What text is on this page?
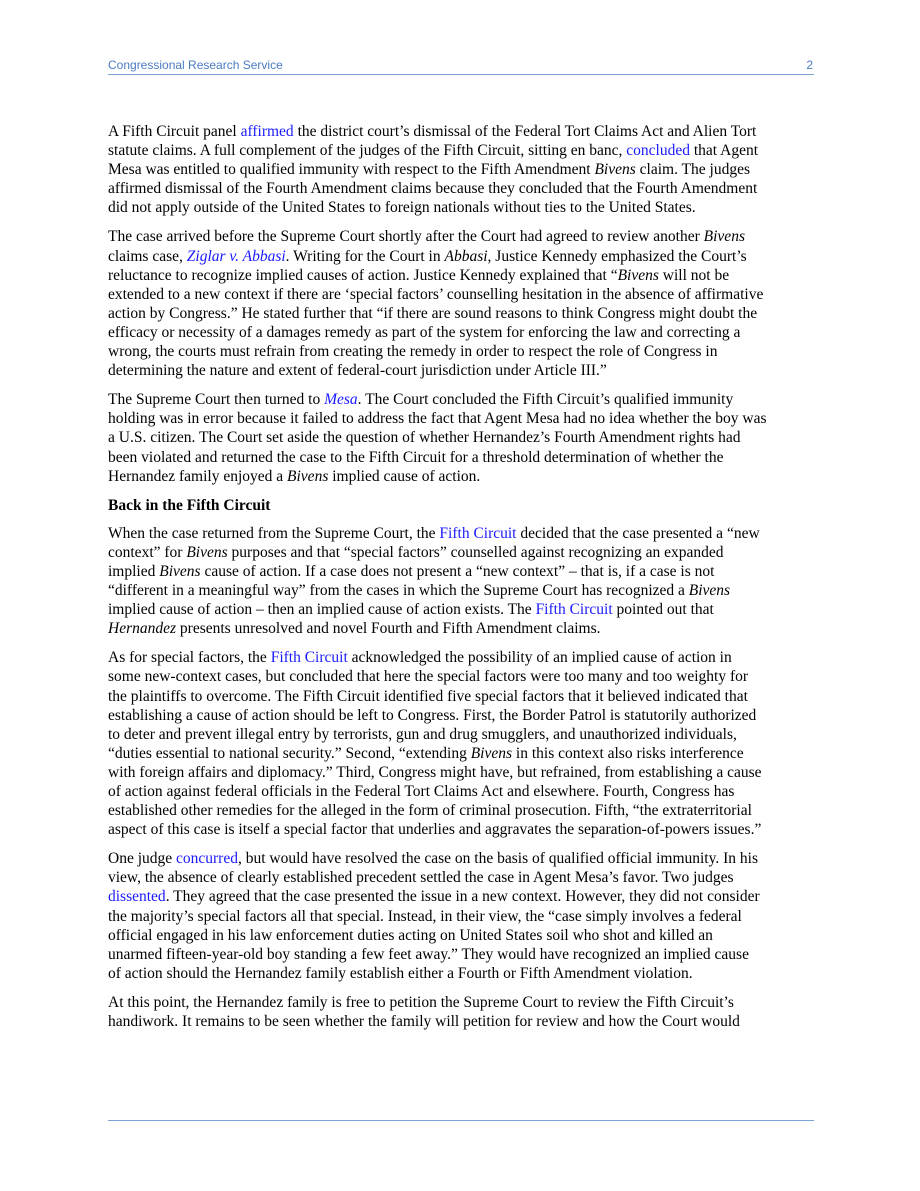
Congressional Research Service	2

A Fifth Circuit panel affirmed the district court’s dismissal of the Federal Tort Claims Act and Alien Tort
statute claims. A full complement of the judges of the Fifth Circuit, sitting en banc, concluded that Agent
Mesa was entitled to qualified immunity with respect to the Fifth Amendment Bivens claim. The judges
affirmed dismissal of the Fourth Amendment claims because they concluded that the Fourth Amendment
did not apply outside of the United States to foreign nationals without ties to the United States.

The case arrived before the Supreme Court shortly after the Court had agreed to review another Bivens
claims case, Ziglar v. Abbasi. Writing for the Court in Abbasi, Justice Kennedy emphasized the Court’s
reluctance to recognize implied causes of action. Justice Kennedy explained that “Bivens will not be
extended to a new context if there are ‘special factors’ counselling hesitation in the absence of affirmative
action by Congress.” He stated further that “if there are sound reasons to think Congress might doubt the
efficacy or necessity of a damages remedy as part of the system for enforcing the law and correcting a
wrong, the courts must refrain from creating the remedy in order to respect the role of Congress in
determining the nature and extent of federal-court jurisdiction under Article III.”

The Supreme Court then turned to Mesa. The Court concluded the Fifth Circuit’s qualified immunity
holding was in error because it failed to address the fact that Agent Mesa had no idea whether the boy was
a U.S. citizen. The Court set aside the question of whether Hernandez’s Fourth Amendment rights had
been violated and returned the case to the Fifth Circuit for a threshold determination of whether the
Hernandez family enjoyed a Bivens implied cause of action.

Back in the Fifth Circuit

When the case returned from the Supreme Court, the Fifth Circuit decided that the case presented a “new
context” for Bivens purposes and that “special factors” counselled against recognizing an expanded
implied Bivens cause of action. If a case does not present a “new context” – that is, if a case is not
“different in a meaningful way” from the cases in which the Supreme Court has recognized a Bivens
implied cause of action – then an implied cause of action exists. The Fifth Circuit pointed out that
Hernandez presents unresolved and novel Fourth and Fifth Amendment claims.

As for special factors, the Fifth Circuit acknowledged the possibility of an implied cause of action in
some new-context cases, but concluded that here the special factors were too many and too weighty for
the plaintiffs to overcome. The Fifth Circuit identified five special factors that it believed indicated that
establishing a cause of action should be left to Congress. First, the Border Patrol is statutorily authorized
to deter and prevent illegal entry by terrorists, gun and drug smugglers, and unauthorized individuals,
“duties essential to national security.” Second, “extending Bivens in this context also risks interference
with foreign affairs and diplomacy.” Third, Congress might have, but refrained, from establishing a cause
of action against federal officials in the Federal Tort Claims Act and elsewhere. Fourth, Congress has
established other remedies for the alleged in the form of criminal prosecution. Fifth, “the extraterritorial
aspect of this case is itself a special factor that underlies and aggravates the separation-of-powers issues.”

One judge concurred, but would have resolved the case on the basis of qualified official immunity. In his
view, the absence of clearly established precedent settled the case in Agent Mesa’s favor. Two judges
dissented. They agreed that the case presented the issue in a new context. However, they did not consider
the majority’s special factors all that special. Instead, in their view, the “case simply involves a federal
official engaged in his law enforcement duties acting on United States soil who shot and killed an
unarmed fifteen-year-old boy standing a few feet away.” They would have recognized an implied cause
of action should the Hernandez family establish either a Fourth or Fifth Amendment violation.

At this point, the Hernandez family is free to petition the Supreme Court to review the Fifth Circuit’s
handiwork. It remains to be seen whether the family will petition for review and how the Court would
